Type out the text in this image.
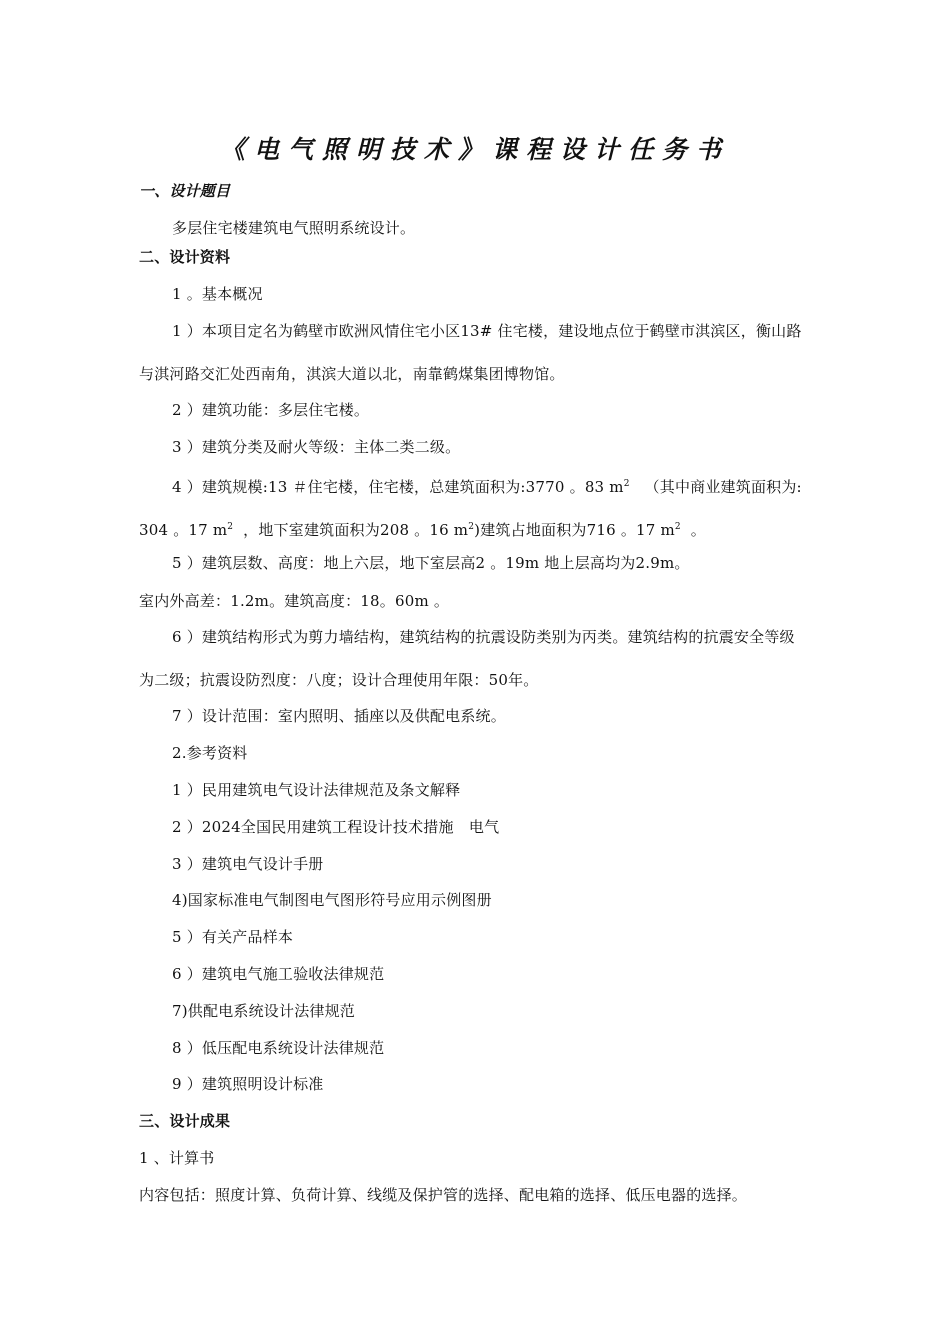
《电气照明技术》课程设计任务书
一、设计题目
多层住宅楼建筑电气照明系统设计。
二、设计资料
1 。基本概况
1 ）本项目定名为鹤壁市欧洲风情住宅小区13# 住宅楼，建设地点位于鹤壁市淇滨区，衡山路
与淇河路交汇处西南角，淇滨大道以北，南靠鹤煤集团博物馆。
2 ）建筑功能：多层住宅楼。
3 ）建筑分类及耐火等级：主体二类二级。
4 ）建筑规模:13 ＃住宅楼，住宅楼，总建筑面积为:3770 。83 $m^2$ （其中商业建筑面积为:
304 。17 $m^2$ ，地下室建筑面积为208 。16 $m^2$)建筑占地面积为716 。17 $m^2$ 。
5 ）建筑层数、高度：地上六层，地下室层高2 。19m 地上层高均为2.9m。
室内外高差：1.2m。建筑高度：18。60m 。
6 ）建筑结构形式为剪力墙结构，建筑结构的抗震设防类别为丙类。建筑结构的抗震安全等级
为二级；抗震设防烈度：八度；设计合理使用年限：50年。
7 ）设计范围：室内照明、插座以及供配电系统。
2.参考资料
1 ）民用建筑电气设计法律规范及条文解释
2 ）2024全国民用建筑工程设计技术措施　电气
3 ）建筑电气设计手册
4)国家标准电气制图电气图形符号应用示例图册
5 ）有关产品样本
6 ）建筑电气施工验收法律规范
7)供配电系统设计法律规范
8 ）低压配电系统设计法律规范
9 ）建筑照明设计标准
三、设计成果
1 、计算书
内容包括：照度计算、负荷计算、线缆及保护管的选择、配电箱的选择、低压电器的选择。
